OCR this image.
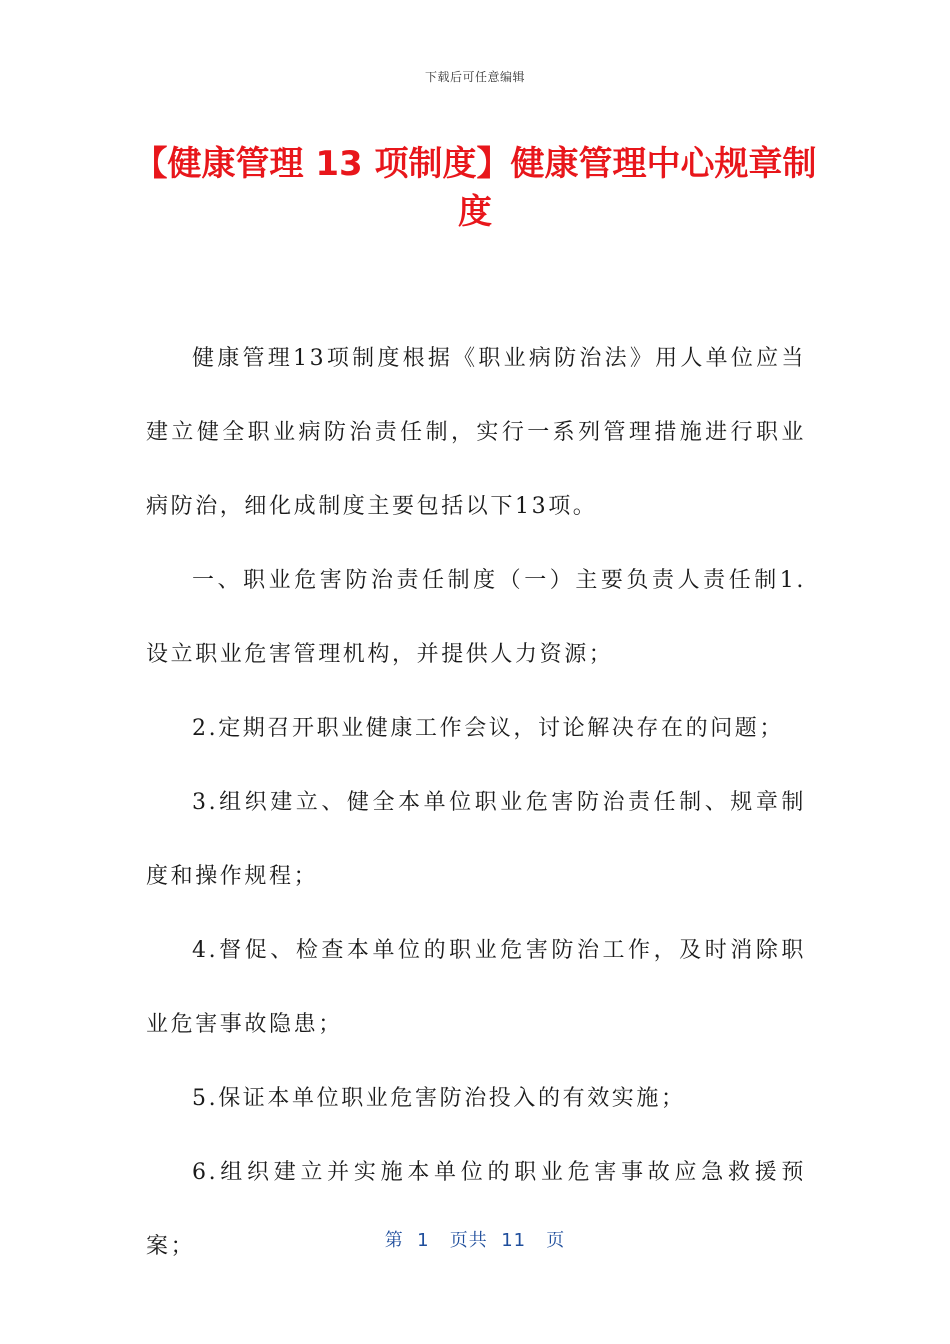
下载后可任意编辑
【健康管理 13 项制度】健康管理中心规章制度

健康管理13项制度根据《职业病防治法》用人单位应当建立健全职业病防治责任制，实行一系列管理措施进行职业病防治，细化成制度主要包括以下13项。

一、职业危害防治责任制度（一）主要负责人责任制1.设立职业危害管理机构，并提供人力资源；

2.定期召开职业健康工作会议，讨论解决存在的问题；

3.组织建立、健全本单位职业危害防治责任制、规章制度和操作规程；

4.督促、检查本单位的职业危害防治工作，及时消除职业危害事故隐患；

5.保证本单位职业危害防治投入的有效实施；

6.组织建立并实施本单位的职业危害事故应急救援预案；	第  1   页共  11   页
